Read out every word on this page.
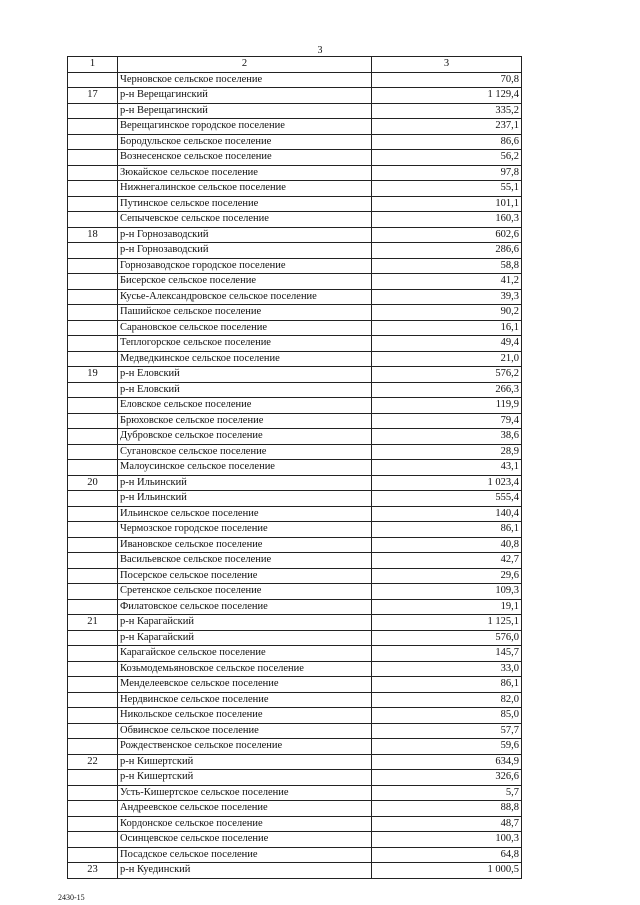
3
1	2	3
	Черновское сельское поселение	70,8
17	р-н Верещагинский	1 129,4
	р-н Верещагинский	335,2
	Верещагинское городское поселение	237,1
	Бородульское сельское поселение	86,6
	Вознесенское сельское поселение	56,2
	Зюкайское сельское поселение	97,8
	Нижнегалинское сельское поселение	55,1
	Путинское сельское поселение	101,1
	Сепычевское сельское поселение	160,3
18	р-н Горнозаводский	602,6
	р-н Горнозаводский	286,6
	Горнозаводское городское поселение	58,8
	Бисерское сельское поселение	41,2
	Кусье-Александровское сельское поселение	39,3
	Пашийское сельское поселение	90,2
	Сарановское сельское поселение	16,1
	Теплогорское сельское поселение	49,4
	Медведкинское сельское поселение	21,0
19	р-н Еловский	576,2
	р-н Еловский	266,3
	Еловское сельское поселение	119,9
	Брюховское сельское поселение	79,4
	Дубровское сельское поселение	38,6
	Сугановское сельское поселение	28,9
	Малоусинское сельское поселение	43,1
20	р-н Ильинский	1 023,4
	р-н Ильинский	555,4
	Ильинское сельское поселение	140,4
	Чермозское городское поселение	86,1
	Ивановское сельское поселение	40,8
	Васильевское сельское поселение	42,7
	Посерское сельское поселение	29,6
	Сретенское сельское поселение	109,3
	Филатовское сельское поселение	19,1
21	р-н Карагайский	1 125,1
	р-н Карагайский	576,0
	Карагайское сельское поселение	145,7
	Козьмодемьяновское сельское поселение	33,0
	Менделеевское сельское поселение	86,1
	Нердвинское сельское поселение	82,0
	Никольское сельское поселение	85,0
	Обвинское сельское поселение	57,7
	Рождественское сельское поселение	59,6
22	р-н Кишертский	634,9
	р-н Кишертский	326,6
	Усть-Кишертское сельское поселение	5,7
	Андреевское сельское поселение	88,8
	Кордонское сельское поселение	48,7
	Осинцевское сельское поселение	100,3
	Посадское сельское поселение	64,8
23	р-н Куединский	1 000,5
2430-15
